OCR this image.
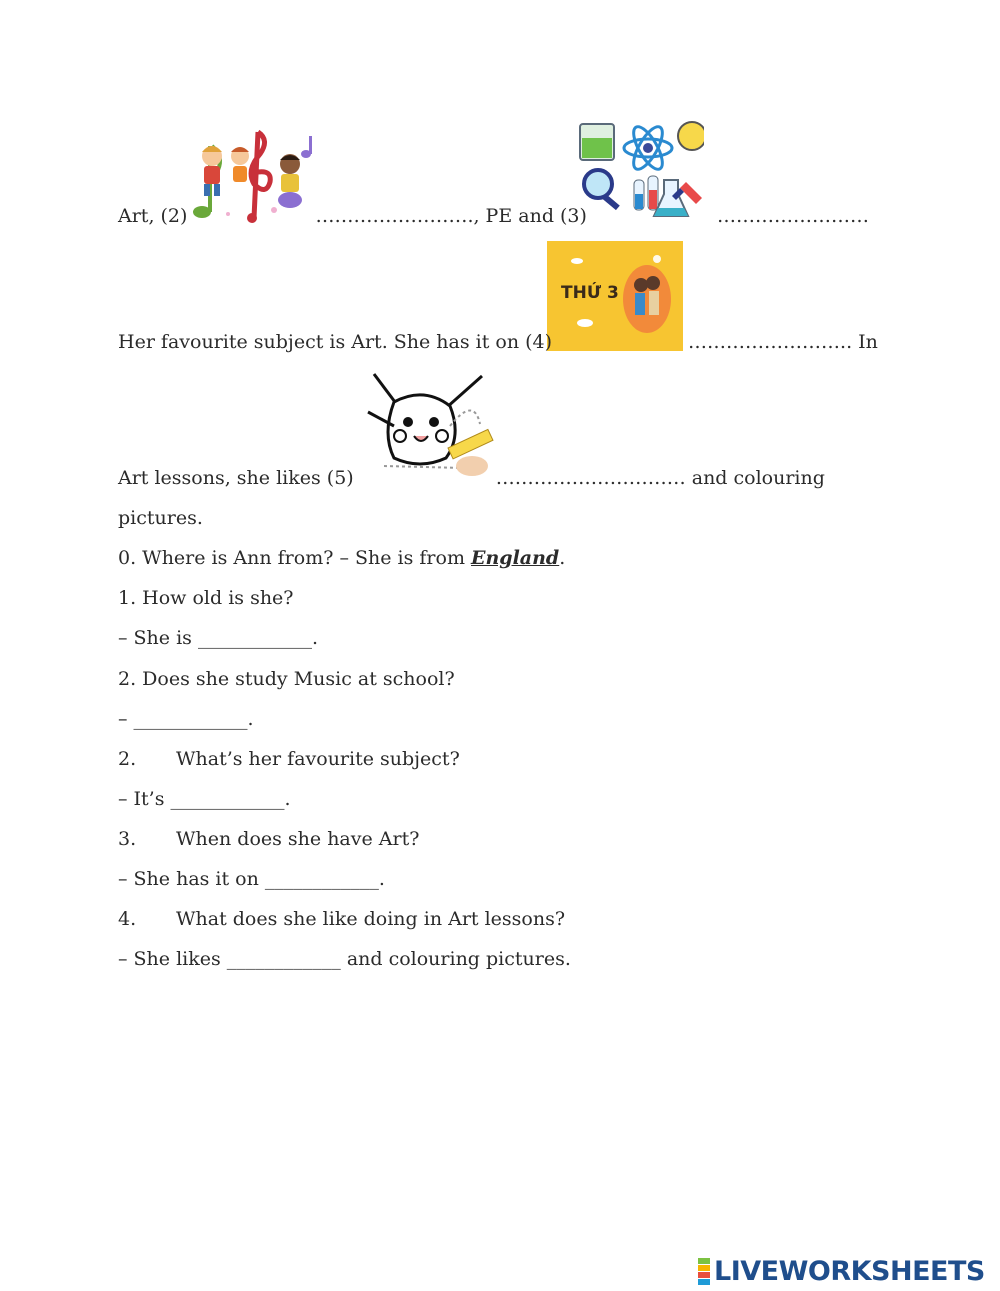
THỨ 3
Art, (2)	……………………., PE and (3)	……………………
Her favourite subject is Art. She has it on (4)	…………………….. In
Art lessons, she likes (5)	………………………… and colouring
pictures.
0. Where is Ann from? – She is from England.
1. How old is she?
– She is ____________.
2. Does she study Music at school?
– ____________.
2. What’s her favourite subject?
– It’s ____________.
3. When does she have Art?
– She has it on ____________.
4. What does she like doing in Art lessons?
– She likes ____________ and colouring pictures.
LIVEWORKSHEETS
